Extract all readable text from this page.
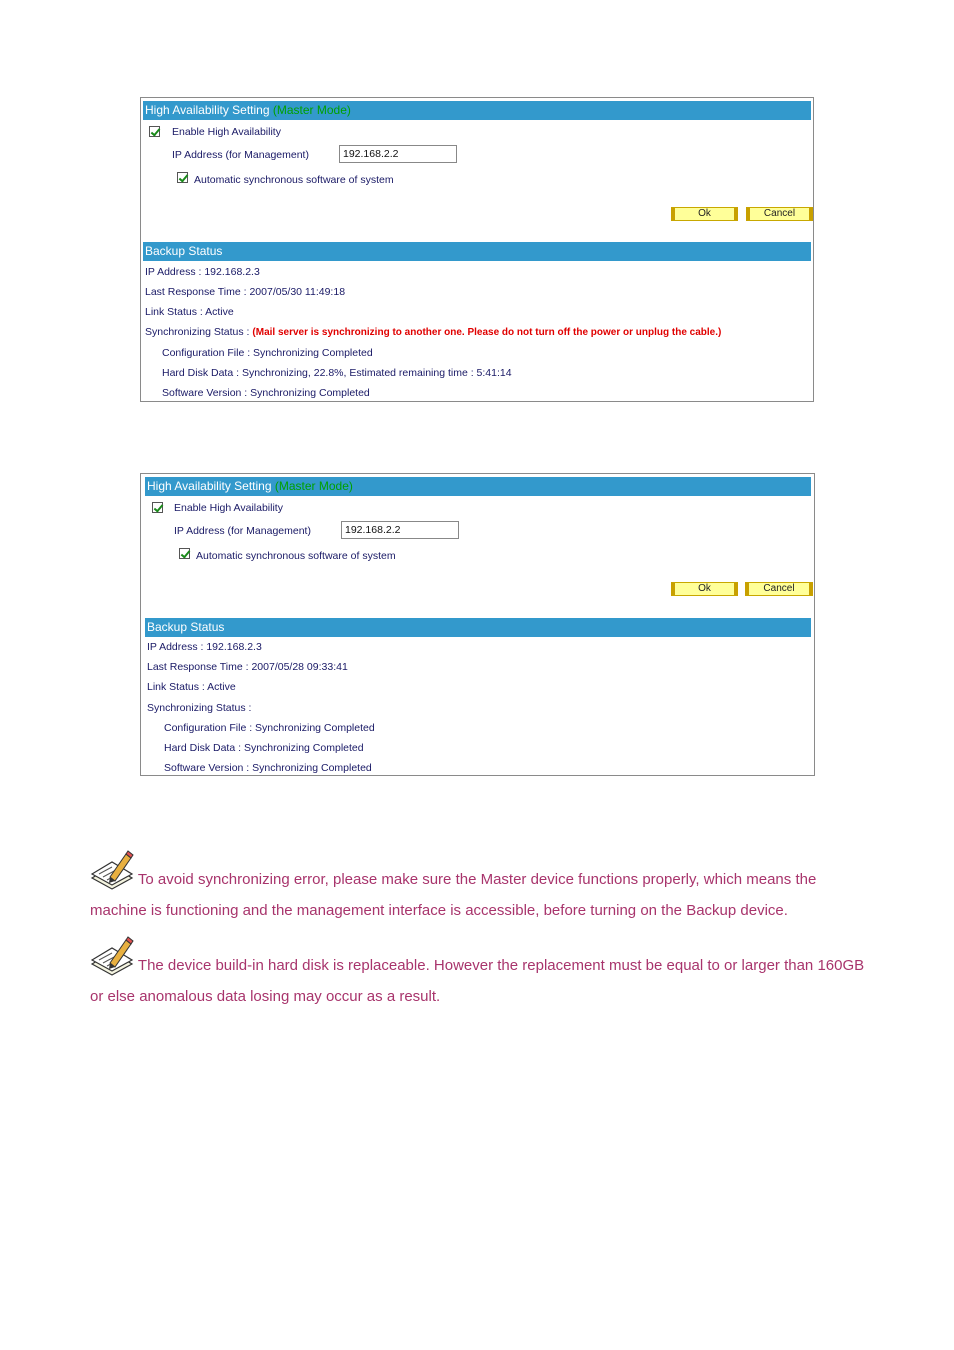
High Availability Setting (Master Mode)
Enable High Availability
IP Address (for Management)	192.168.2.2
Automatic synchronous software of system
Ok	Cancel
Backup Status
IP Address : 192.168.2.3
Last Response Time : 2007/05/30 11:49:18
Link Status : Active
Synchronizing Status : (Mail server is synchronizing to another one. Please do not turn off the power or unplug the cable.)
Configuration File : Synchronizing Completed
Hard Disk Data : Synchronizing, 22.8%, Estimated remaining time : 5:41:14
Software Version : Synchronizing Completed
High Availability Setting (Master Mode)
Enable High Availability
IP Address (for Management)	192.168.2.2
Automatic synchronous software of system
Ok	Cancel
Backup Status
IP Address : 192.168.2.3
Last Response Time : 2007/05/28 09:33:41
Link Status : Active
Synchronizing Status :
Configuration File : Synchronizing Completed
Hard Disk Data : Synchronizing Completed
Software Version : Synchronizing Completed
To avoid synchronizing error, please make sure the Master device functions properly, which means the machine is functioning and the management interface is accessible, before turning on the Backup device.
The device build-in hard disk is replaceable. However the replacement must be equal to or larger than 160GB or else anomalous data losing may occur as a result.
